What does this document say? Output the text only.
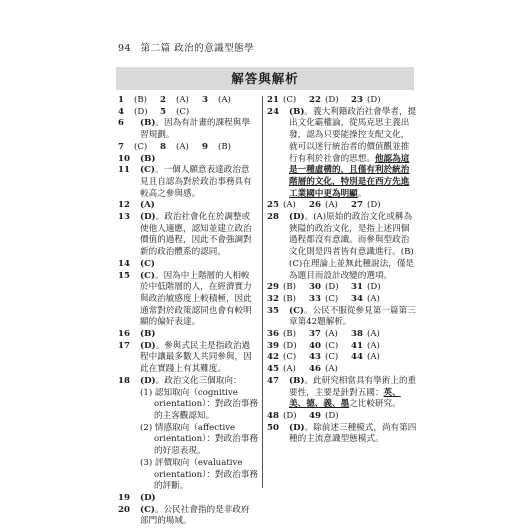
94 第二篇 政治的意識型態學
解答與解析
1	(B)	2	(A)	3	(A)
4	(D)	5	(C)
6 (B)。因為有計畫的課程與學習規劃。
7	(C)	8	(A)	9	(B)
10 (B)
11 (C)。一個人願意表達政治意見且自認為對於政治事務具有較高之參與感。
12 (A)
13 (D)。政治社會化在於調整或使他人適應，認知並建立政治價值的過程，因此不會強調對新的政治體系的認同。
14 (C)
15 (C)。因為中上階層的人相較於中低階層的人，在經濟實力與政治敏感度上較積極，因此通常對於政策認同也會有較明顯的偏好表達。
16 (B)
17 (D)。參與式民主是指政治過程中讓最多數人共同參與，因此在實踐上有其難度。
18 (D)。政治文化三個取向：
(1) 認知取向（cognitive orientation）：對政治事務的主客觀認知。
(2) 情感取向（affective orientation）：對政治事務的好惡表現。
(3) 評價取向（evaluative orientation）：對政治事務的評斷。
19 (D)
20 (C)。公民社會指的是非政府部門的場域。
21 (C)	22 (D)	23 (D)
24 (B)。義大利籍政治社會學者，提出文化霸權論，從馬克思主義出發，認為只要能操控支配文化，就可以迷行統治者的價值觀並推行有利於社會的思想。他認為這是一種虛構的，且僅有利於統治階層的文化，特別是在西方先進工業國中更為明顯。
25 (A)	26 (A)	27 (D)
28 (D)。(A)原始的政治文化或稱為狹隘的政治文化，是指上述四個過程都沒有意識。而參與型政治文化則是四者皆有意識進行。(B)(C)在理論上並無此種說法，僅是為題目而設計改變的選項。
29 (B)	30 (D)	31 (D)
32 (B)	33 (C)	34 (A)
35 (C)。公民不服從參見第一篇第三章第42題解析。
36 (B)	37 (A)	38 (A)
39 (D)	40 (C)	41 (A)
42 (C)	43 (C)	44 (A)
45 (A)	46 (A)
47 (B)。此研究相當具有學術上的重要性，主要是針對五國：英、美、德、義、墨之比較研究。
48 (D)	49 (D)
50 (D)。除前述三種模式，尚有第四種的主流意識型態模式。
